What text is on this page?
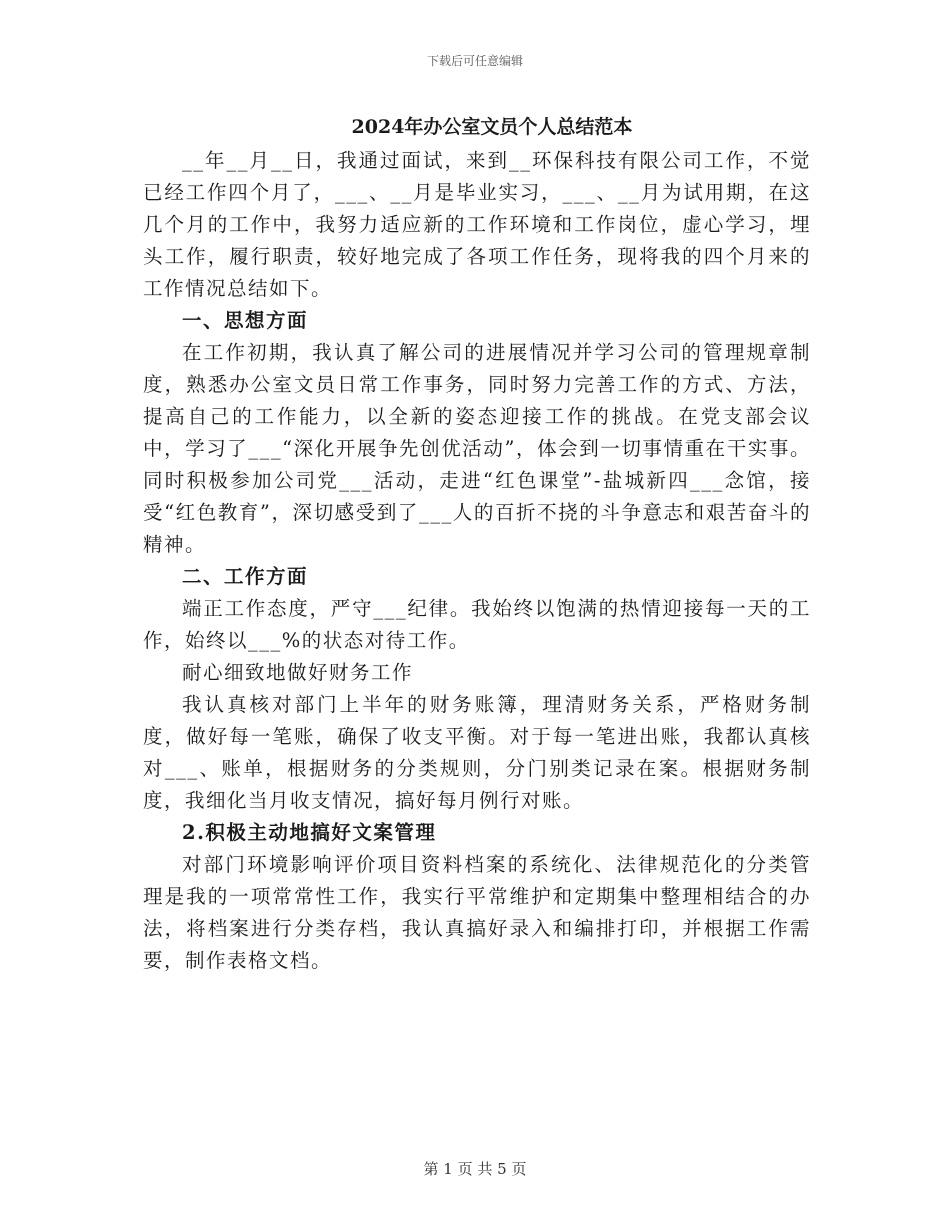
下载后可任意编辑
2024年办公室文员个人总结范本

__年__月__日，我通过面试，来到__环保科技有限公司工作，不觉已经工作四个月了，___、__月是毕业实习，___、__月为试用期，在这几个月的工作中，我努力适应新的工作环境和工作岗位，虚心学习，埋头工作，履行职责，较好地完成了各项工作任务，现将我的四个月来的工作情况总结如下。

一、思想方面

在工作初期，我认真了解公司的进展情况并学习公司的管理规章制度，熟悉办公室文员日常工作事务，同时努力完善工作的方式、方法，提高自己的工作能力，以全新的姿态迎接工作的挑战。在党支部会议中，学习了___“深化开展争先创优活动”，体会到一切事情重在干实事。同时积极参加公司党___活动，走进“红色课堂”-盐城新四___念馆，接受“红色教育”，深切感受到了___人的百折不挠的斗争意志和艰苦奋斗的精神。

二、工作方面

端正工作态度，严守___纪律。我始终以饱满的热情迎接每一天的工作，始终以___%的状态对待工作。

耐心细致地做好财务工作

我认真核对部门上半年的财务账簿，理清财务关系，严格财务制度，做好每一笔账，确保了收支平衡。对于每一笔进出账，我都认真核对___、账单，根据财务的分类规则，分门别类记录在案。根据财务制度，我细化当月收支情况，搞好每月例行对账。

2.积极主动地搞好文案管理

对部门环境影响评价项目资料档案的系统化、法律规范化的分类管理是我的一项常常性工作，我实行平常维护和定期集中整理相结合的办法，将档案进行分类存档，我认真搞好录入和编排打印，并根据工作需要，制作表格文档。

第 1 页 共 5 页
